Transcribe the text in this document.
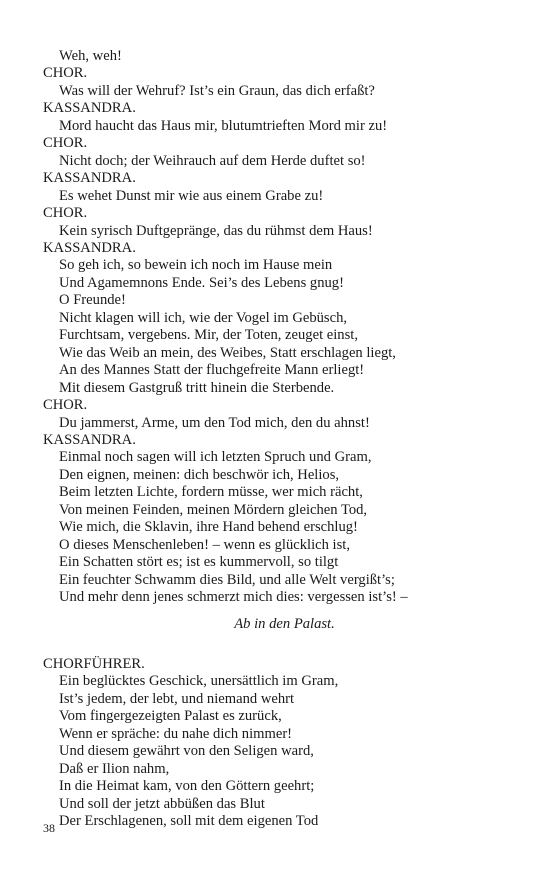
Weh, weh!
CHOR.
Was will der Wehruf? Ist’s ein Graun, das dich erfaßt?
KASSANDRA.
Mord haucht das Haus mir, blutumtrieften Mord mir zu!
CHOR.
Nicht doch; der Weihrauch auf dem Herde duftet so!
KASSANDRA.
Es wehet Dunst mir wie aus einem Grabe zu!
CHOR.
Kein syrisch Duftgepränge, das du rühmst dem Haus!
KASSANDRA.
So geh ich, so bewein ich noch im Hause mein
Und Agamemnons Ende. Sei’s des Lebens gnug!
O Freunde!
Nicht klagen will ich, wie der Vogel im Gebüsch,
Furchtsam, vergebens. Mir, der Toten, zeuget einst,
Wie das Weib an mein, des Weibes, Statt erschlagen liegt,
An des Mannes Statt der fluchgefreite Mann erliegt!
Mit diesem Gastgruß tritt hinein die Sterbende.
CHOR.
Du jammerst, Arme, um den Tod mich, den du ahnst!
KASSANDRA.
Einmal noch sagen will ich letzten Spruch und Gram,
Den eignen, meinen: dich beschwör ich, Helios,
Beim letzten Lichte, fordern müsse, wer mich rächt,
Von meinen Feinden, meinen Mördern gleichen Tod,
Wie mich, die Sklavin, ihre Hand behend erschlug!
O dieses Menschenleben! – wenn es glücklich ist,
Ein Schatten stört es; ist es kummervoll, so tilgt
Ein feuchter Schwamm dies Bild, und alle Welt vergißt’s;
Und mehr denn jenes schmerzt mich dies: vergessen ist’s! –
Ab in den Palast.
CHORFÜHRER.
Ein beglücktes Geschick, unersättlich im Gram,
Ist’s jedem, der lebt, und niemand wehrt
Vom fingergezeigten Palast es zurück,
Wenn er spräche: du nahe dich nimmer!
Und diesem gewährt von den Seligen ward,
Daß er Ilion nahm,
In die Heimat kam, von den Göttern geehrt;
Und soll der jetzt abbüßen das Blut
Der Erschlagenen, soll mit dem eigenen Tod
38
